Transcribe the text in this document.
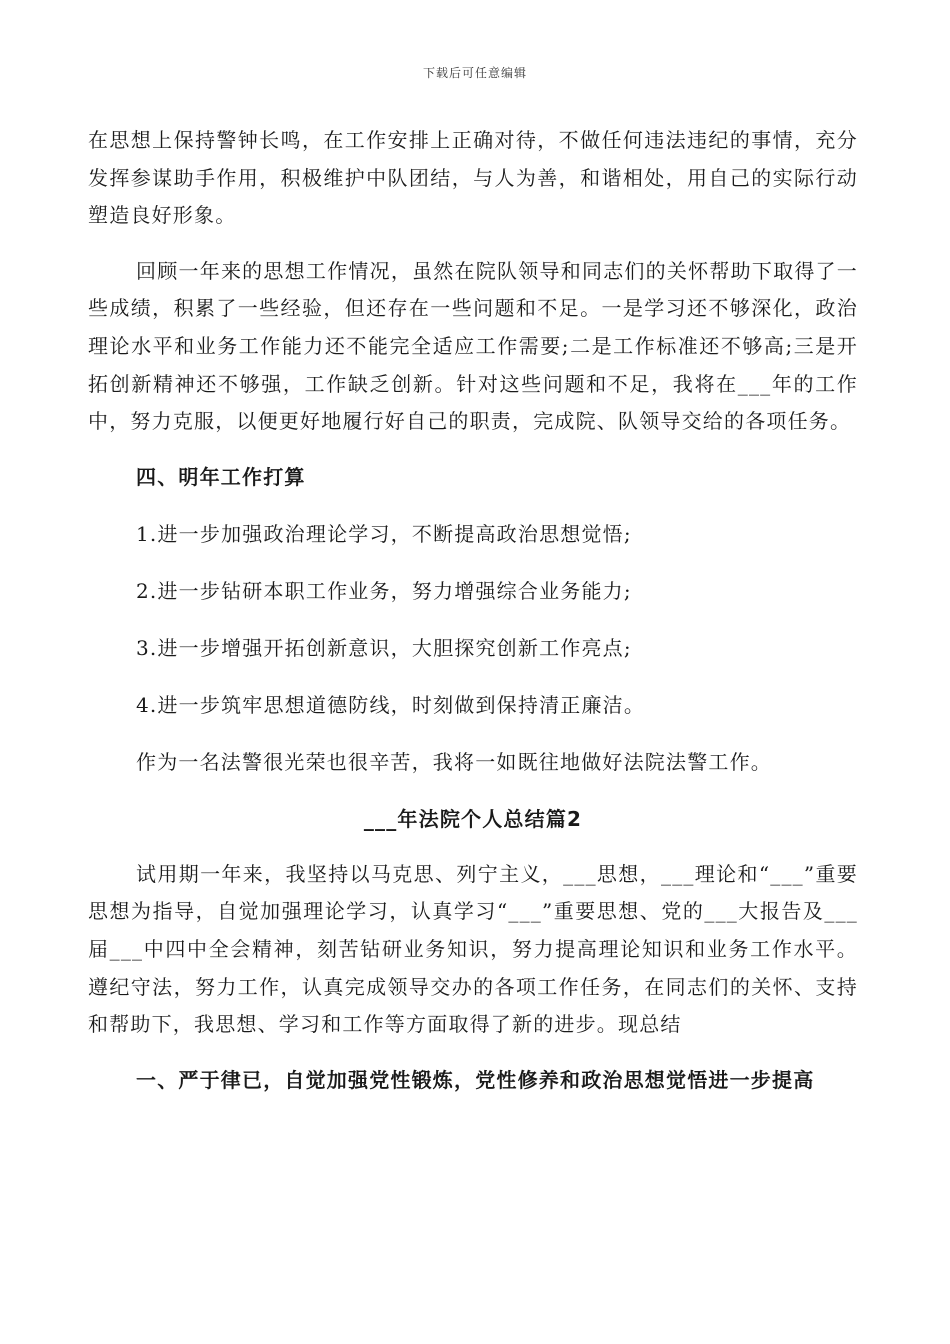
下载后可任意编辑

在思想上保持警钟长鸣，在工作安排上正确对待，不做任何违法违纪的事情，充分发挥参谋助手作用，积极维护中队团结，与人为善，和谐相处，用自己的实际行动塑造良好形象。

回顾一年来的思想工作情况，虽然在院队领导和同志们的关怀帮助下取得了一些成绩，积累了一些经验，但还存在一些问题和不足。一是学习还不够深化，政治理论水平和业务工作能力还不能完全适应工作需要;二是工作标准还不够高;三是开拓创新精神还不够强，工作缺乏创新。针对这些问题和不足，我将在___年的工作中，努力克服，以便更好地履行好自己的职责，完成院、队领导交给的各项任务。

四、明年工作打算

1.进一步加强政治理论学习，不断提高政治思想觉悟;

2.进一步钻研本职工作业务，努力增强综合业务能力;

3.进一步增强开拓创新意识，大胆探究创新工作亮点;

4.进一步筑牢思想道德防线，时刻做到保持清正廉洁。

作为一名法警很光荣也很辛苦，我将一如既往地做好法院法警工作。

___年法院个人总结篇2

试用期一年来，我坚持以马克思、列宁主义，___思想，___理论和“___”重要思想为指导，自觉加强理论学习，认真学习“___”重要思想、党的___大报告及___届___中四中全会精神，刻苦钻研业务知识，努力提高理论知识和业务工作水平。遵纪守法，努力工作，认真完成领导交办的各项工作任务，在同志们的关怀、支持和帮助下，我思想、学习和工作等方面取得了新的进步。现总结

一、严于律已，自觉加强党性锻炼，党性修养和政治思想觉悟进一步提高
